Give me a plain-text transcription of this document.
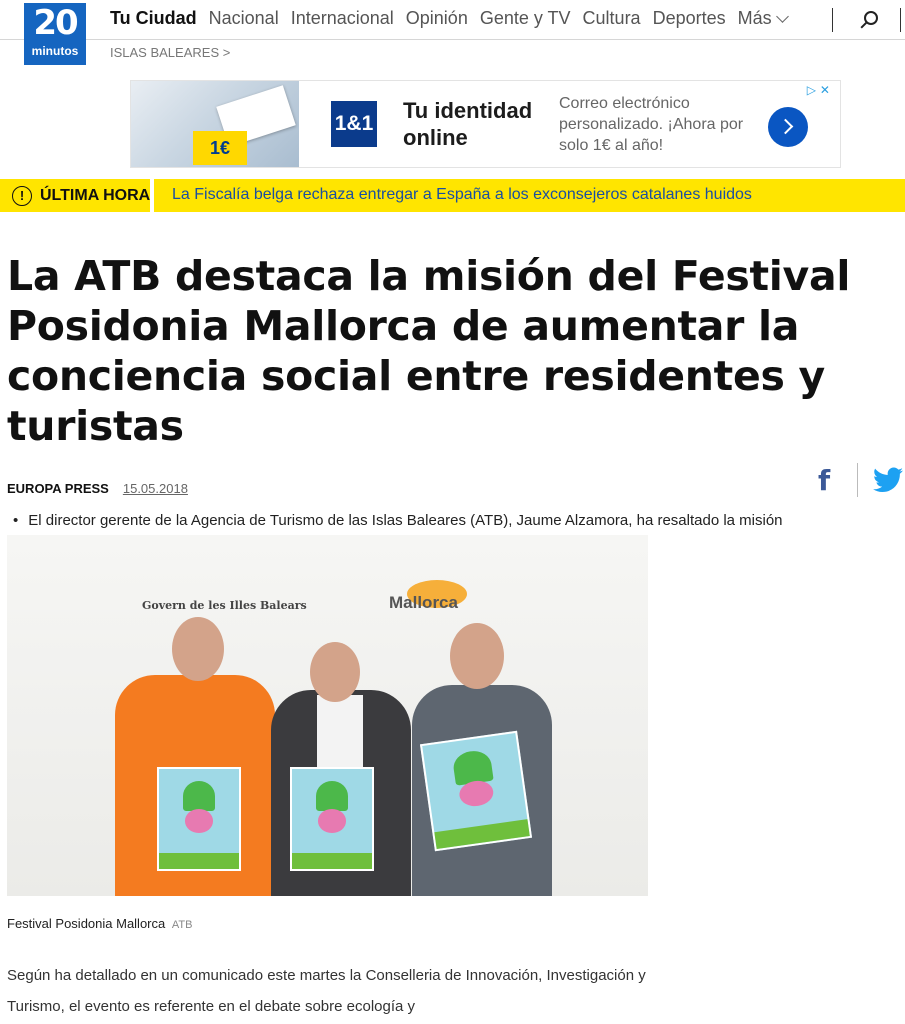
20
minutos
Tu Ciudad Nacional Internacional Opinión Gente y TV Cultura Deportes Más
ISLAS BALEARES >
1€
1&1
Tu identidad online
Correo electrónico personalizado. ¡Ahora por solo 1€ al año!
▷✕
! ÚLTIMA HORA La Fiscalía belga rechaza entregar a España a los exconsejeros catalanes huidos
La ATB destaca la misión del Festival Posidonia Mallorca de aumentar la conciencia social entre residentes y turistas
EUROPA PRESS 15.05.2018	f
• El director gerente de la Agencia de Turismo de las Islas Baleares (ATB), Jaume Alzamora, ha resaltado la misión
Govern de les Illes Balears	Mallorca
Festival Posidonia Mallorca ATB

Según ha detallado en un comunicado este martes la Conselleria de Innovación, Investigación y Turismo, el evento es referente en el debate sobre ecología y
